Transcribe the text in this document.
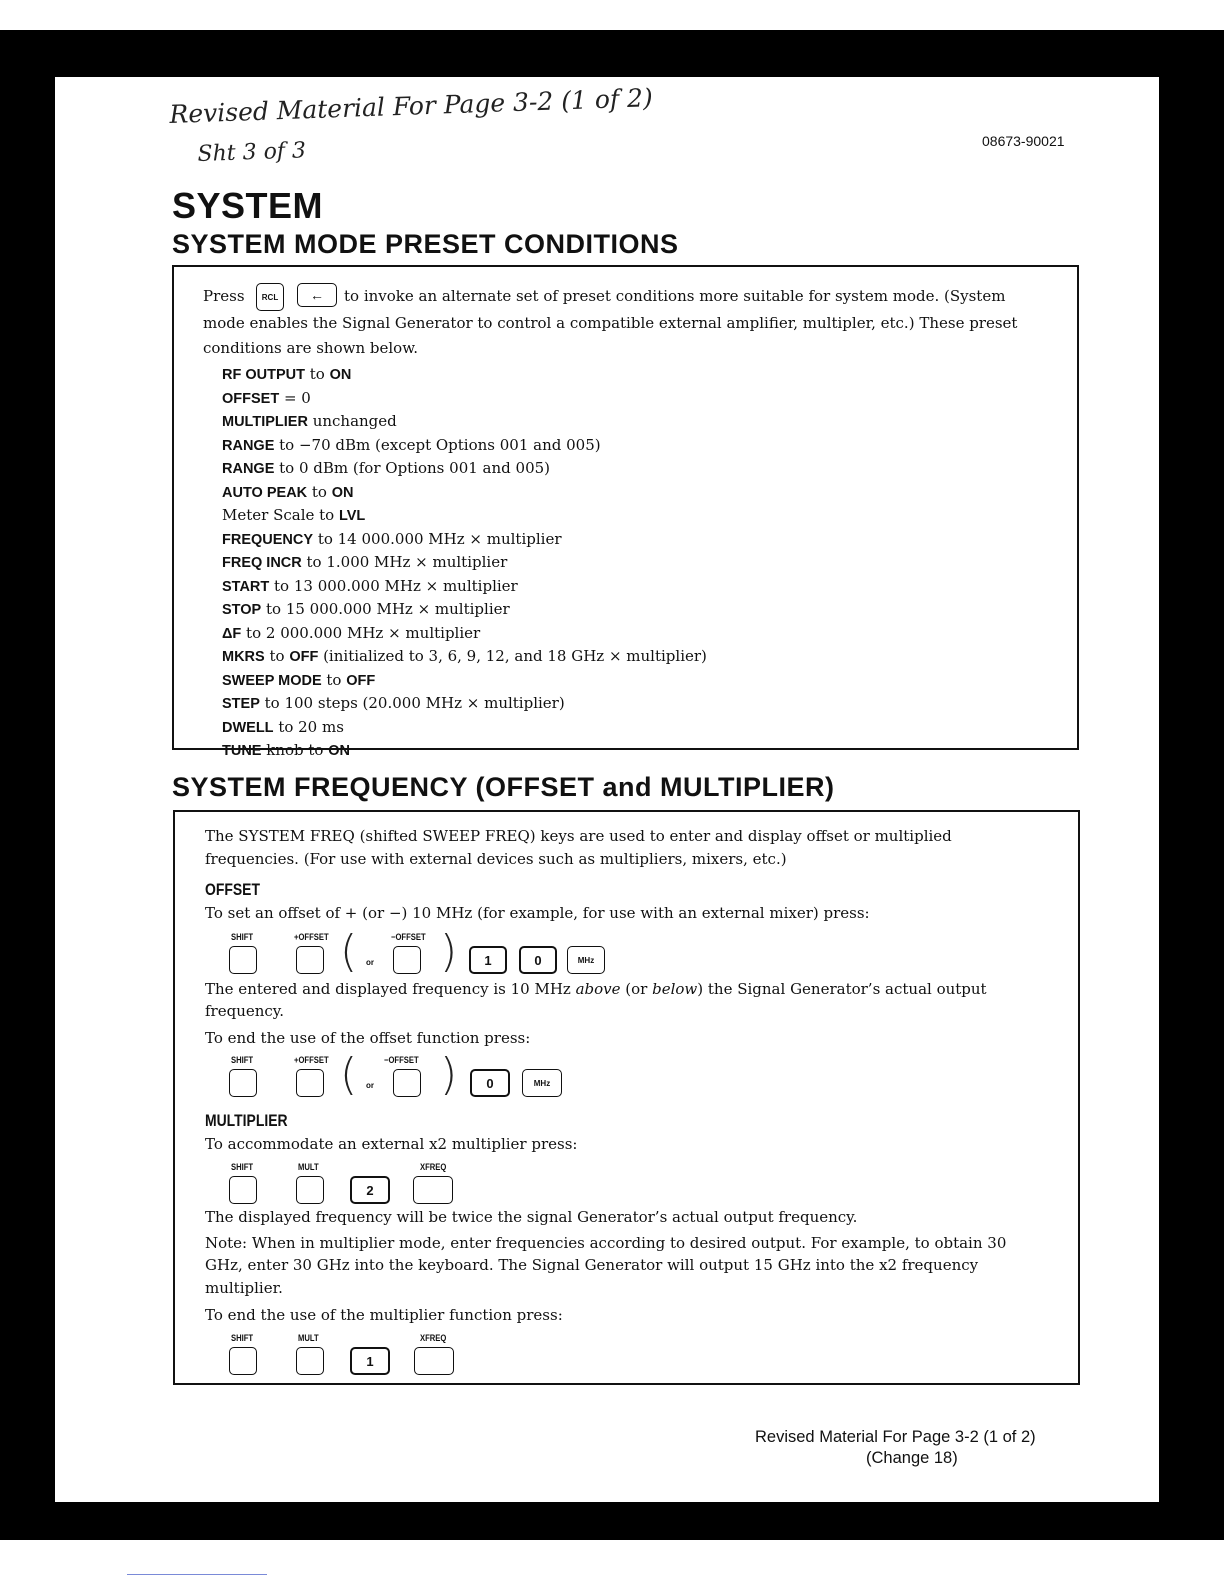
Revised Material For Page 3-2 (1 of 2)
Sht 3 of 3	08673-90021
SYSTEM
SYSTEM MODE PRESET CONDITIONS
Press	RCL	←	to invoke an alternate set of preset conditions more suitable for system mode. (System
mode enables the Signal Generator to control a compatible external amplifier, multipler, etc.) These preset
conditions are shown below.
RF OUTPUT to ON
OFFSET = 0
MULTIPLIER unchanged
RANGE to −70 dBm (except Options 001 and 005)
RANGE to 0 dBm (for Options 001 and 005)
AUTO PEAK to ON
Meter Scale to LVL
FREQUENCY to 14 000.000 MHz × multiplier
FREQ INCR to 1.000 MHz × multiplier
START to 13 000.000 MHz × multiplier
STOP to 15 000.000 MHz × multiplier
ΔF to 2 000.000 MHz × multiplier
MKRS to OFF (initialized to 3, 6, 9, 12, and 18 GHz × multiplier)
SWEEP MODE to OFF
STEP to 100 steps (20.000 MHz × multiplier)
DWELL to 20 ms
TUNE knob to ON
SYSTEM FREQUENCY (OFFSET and MULTIPLIER)
The SYSTEM FREQ (shifted SWEEP FREQ) keys are used to enter and display offset or multiplied
frequencies. (For use with external devices such as multipliers, mixers, etc.)
OFFSET
To set an offset of + (or −) 10 MHz (for example, for use with an external mixer) press:
SHIFT	+OFFSET ( or
−OFFSET )	1	0	MHz
The entered and displayed frequency is 10 MHz above (or below) the Signal Generator’s actual output
frequency.
To end the use of the offset function press:
SHIFT	+OFFSET ( or
−OFFSET )	0	MHz
MULTIPLIER
To accommodate an external x2 multiplier press:
SHIFT	MULT
2
XFREQ
The displayed frequency will be twice the signal Generator’s actual output frequency.
Note: When in multiplier mode, enter frequencies according to desired output. For example, to obtain 30
GHz, enter 30 GHz into the keyboard. The Signal Generator will output 15 GHz into the x2 frequency
multiplier.
To end the use of the multiplier function press:
SHIFT	MULT
1
XFREQ
Revised Material For Page 3-2 (1 of 2)
(Change 18)
